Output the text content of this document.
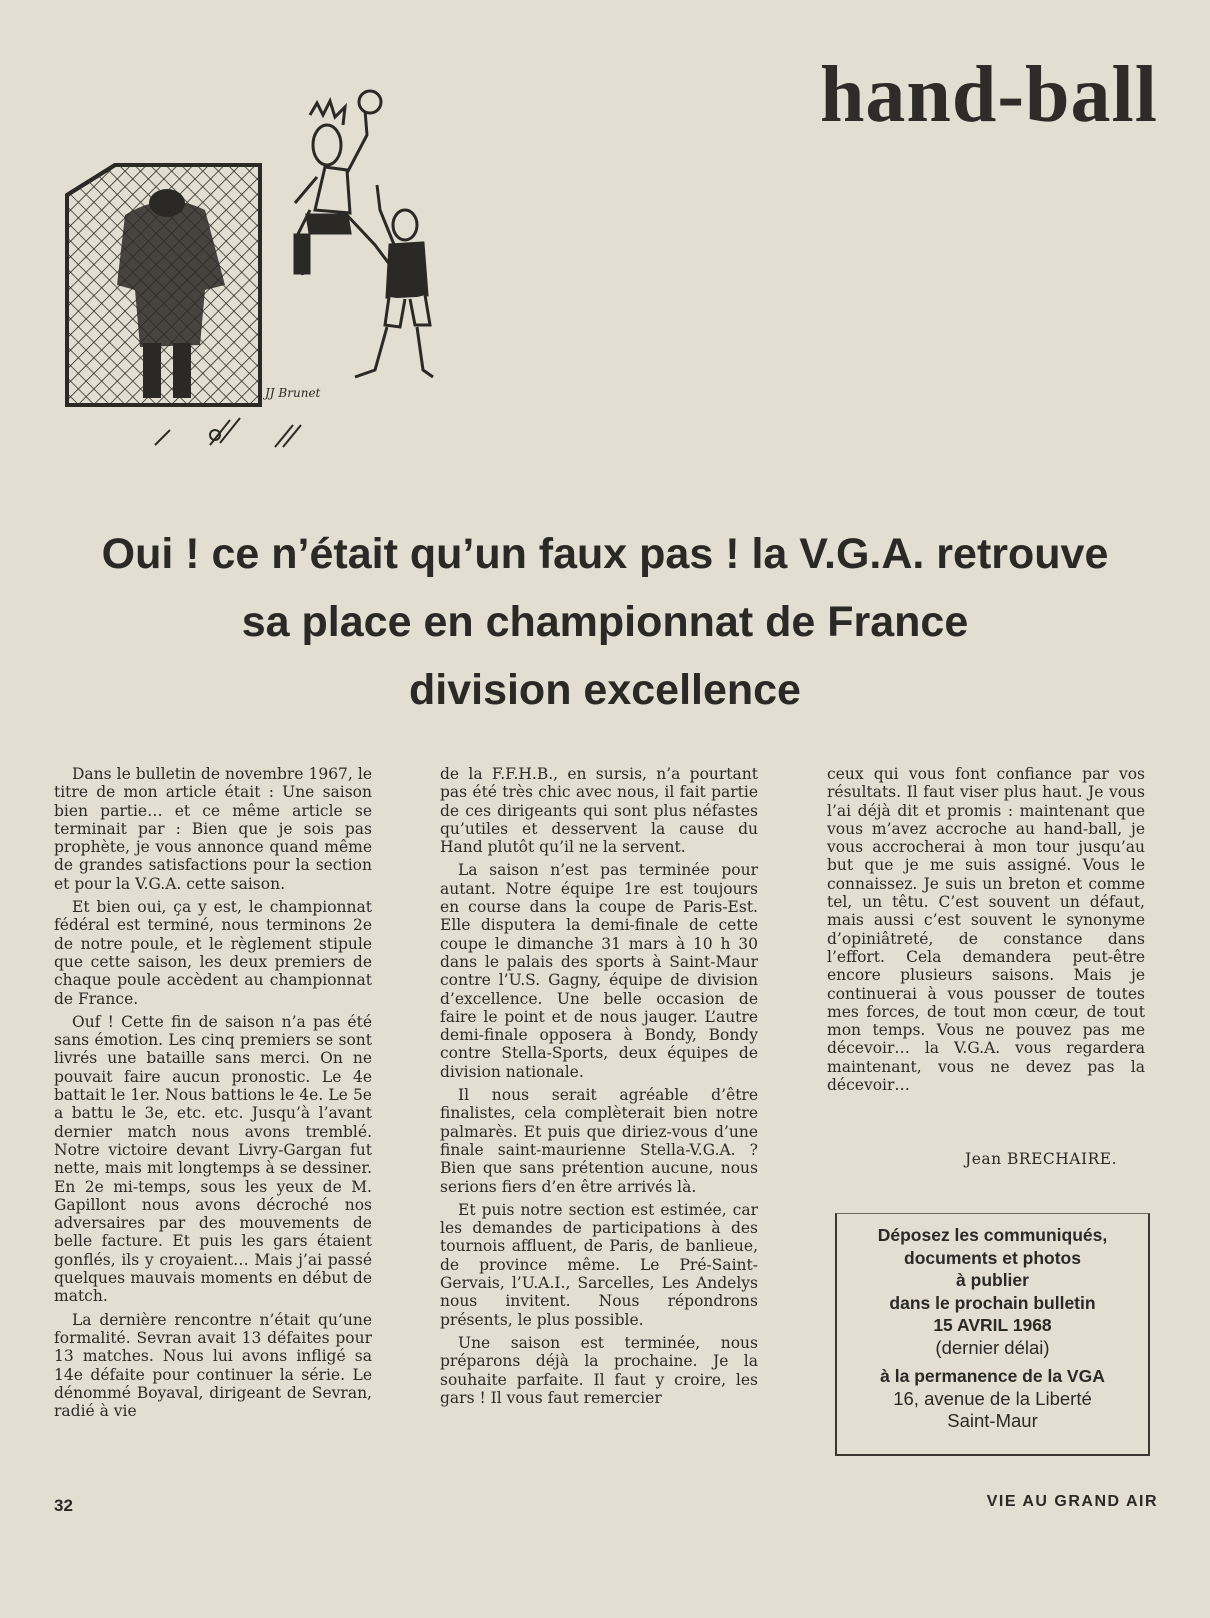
hand-ball
JJ Brunet
Oui ! ce n’était qu’un faux pas ! la V.G.A. retrouve
sa place en championnat de France
division excellence

Dans le bulletin de novembre 1967, le titre de mon article était : Une saison bien partie… et ce même article se terminait par : Bien que je sois pas prophète, je vous annonce quand même de grandes satisfactions pour la section et pour la V.G.A. cette saison.

Et bien oui, ça y est, le championnat fédéral est terminé, nous terminons 2e de notre poule, et le règlement stipule que cette saison, les deux premiers de chaque poule accèdent au championnat de France.

Ouf ! Cette fin de saison n’a pas été sans émotion. Les cinq premiers se sont livrés une bataille sans merci. On ne pouvait faire aucun pronostic. Le 4e battait le 1er. Nous battions le 4e. Le 5e a battu le 3e, etc. etc. Jusqu’à l’avant dernier match nous avons tremblé. Notre victoire devant Livry-Gargan fut nette, mais mit longtemps à se dessiner. En 2e mi-temps, sous les yeux de M. Gapillont nous avons décroché nos adversaires par des mouvements de belle facture. Et puis les gars étaient gonflés, ils y croyaient… Mais j’ai passé quelques mauvais moments en début de match.

La dernière rencontre n’était qu’une formalité. Sevran avait 13 défaites pour 13 matches. Nous lui avons infligé sa 14e défaite pour continuer la série. Le dénommé Boyaval, dirigeant de Sevran, radié à vie

de la F.F.H.B., en sursis, n’a pourtant pas été très chic avec nous, il fait partie de ces dirigeants qui sont plus néfastes qu’utiles et desservent la cause du Hand plutôt qu’il ne la servent.

La saison n’est pas terminée pour autant. Notre équipe 1re est toujours en course dans la coupe de Paris-Est. Elle disputera la demi-finale de cette coupe le dimanche 31 mars à 10 h 30 dans le palais des sports à Saint-Maur contre l’U.S. Gagny, équipe de division d’excellence. Une belle occasion de faire le point et de nous jauger. L’autre demi-finale opposera à Bondy, Bondy contre Stella-Sports, deux équipes de division nationale.

Il nous serait agréable d’être finalistes, cela complèterait bien notre palmarès. Et puis que diriez-vous d’une finale saint-maurienne Stella-V.G.A. ? Bien que sans prétention aucune, nous serions fiers d’en être arrivés là.

Et puis notre section est estimée, car les demandes de participations à des tournois affluent, de Paris, de banlieue, de province même. Le Pré-Saint-Gervais, l’U.A.I., Sarcelles, Les Andelys nous invitent. Nous répondrons présents, le plus possible.

Une saison est terminée, nous préparons déjà la prochaine. Je la souhaite parfaite. Il faut y croire, les gars ! Il vous faut remercier

ceux qui vous font confiance par vos résultats. Il faut viser plus haut. Je vous l’ai déjà dit et promis : maintenant que vous m’avez accroche au hand-ball, je vous accrocherai à mon tour jusqu’au but que je me suis assigné. Vous le connaissez. Je suis un breton et comme tel, un têtu. C’est souvent un défaut, mais aussi c’est souvent le synonyme d’opiniâtreté, de constance dans l’effort. Cela demandera peut-être encore plusieurs saisons. Mais je continuerai à vous pousser de toutes mes forces, de tout mon cœur, de tout mon temps. Vous ne pouvez pas me décevoir… la V.G.A. vous regardera maintenant, vous ne devez pas la décevoir…

Jean BRECHAIRE.

Déposez les communiqués,
documents et photos
à publier
dans le prochain bulletin
15 AVRIL 1968
(dernier délai)
à la permanence de la VGA
16, avenue de la Liberté
Saint-Maur

32	VIE AU GRAND AIR
